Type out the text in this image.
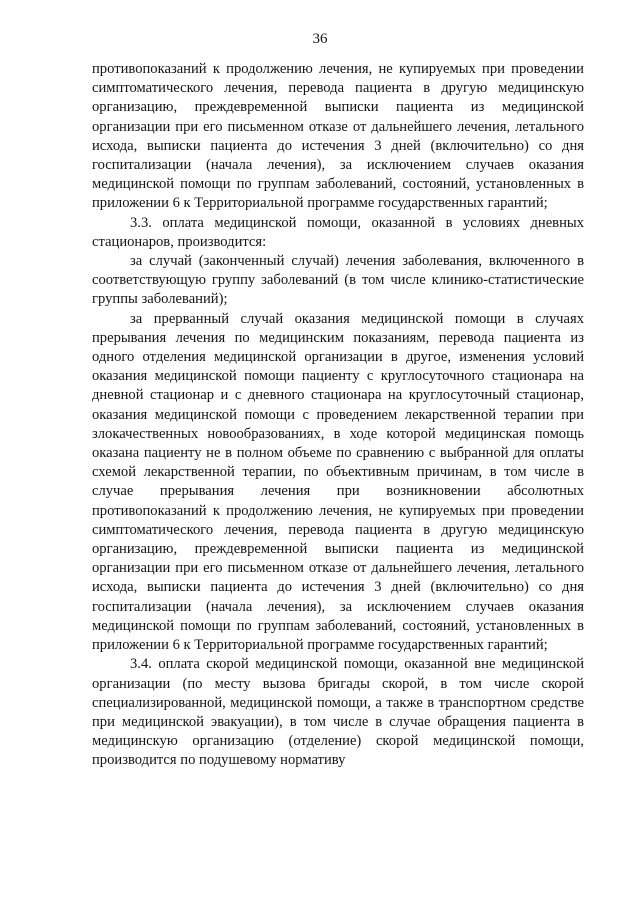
36

противопоказаний к продолжению лечения, не купируемых при проведении симптоматического лечения, перевода пациента в другую медицинскую организацию, преждевременной выписки пациента из медицинской организации при его письменном отказе от дальнейшего лечения, летального исхода, выписки пациента до истечения 3 дней (включительно) со дня госпитализации (начала лечения), за исключением случаев оказания медицинской помощи по группам заболеваний, состояний, установленных в приложении 6 к Территориальной программе государственных гарантий;

3.3. оплата медицинской помощи, оказанной в условиях дневных стационаров, производится:

за случай (законченный случай) лечения заболевания, включенного в соответствующую группу заболеваний (в том числе клинико-статистические группы заболеваний);

за прерванный случай оказания медицинской помощи в случаях прерывания лечения по медицинским показаниям, перевода пациента из одного отделения медицинской организации в другое, изменения условий оказания медицинской помощи пациенту с круглосуточного стационара на дневной стационар и с дневного стационара на круглосуточный стационар, оказания медицинской помощи с проведением лекарственной терапии при злокачественных новообразованиях, в ходе которой медицинская помощь оказана пациенту не в полном объеме по сравнению с выбранной для оплаты схемой лекарственной терапии, по объективным причинам, в том числе в случае прерывания лечения при возникновении абсолютных противопоказаний к продолжению лечения, не купируемых при проведении симптоматического лечения, перевода пациента в другую медицинскую организацию, преждевременной выписки пациента из медицинской организации при его письменном отказе от дальнейшего лечения, летального исхода, выписки пациента до истечения 3 дней (включительно) со дня госпитализации (начала лечения), за исключением случаев оказания медицинской помощи по группам заболеваний, состояний, установленных в приложении 6 к Территориальной программе государственных гарантий;

3.4. оплата скорой медицинской помощи, оказанной вне медицинской организации (по месту вызова бригады скорой, в том числе скорой специализированной, медицинской помощи, а также в транспортном средстве при медицинской эвакуации), в том числе в случае обращения пациента в медицинскую организацию (отделение) скорой медицинской помощи, производится по подушевому нормативу
